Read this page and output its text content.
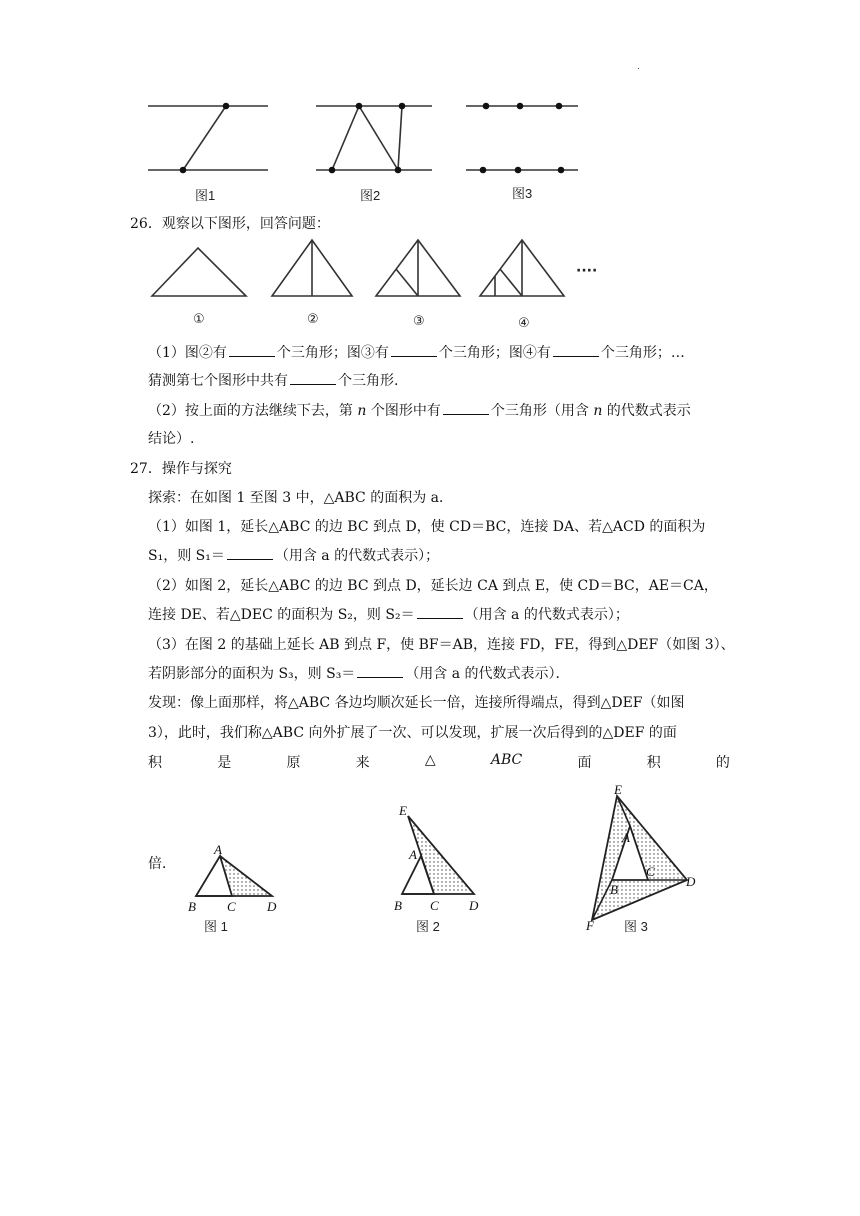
.
图1	图2	图3
26．观察以下图形，回答问题：
①	②	③	④
····
（1）图②有	个三角形；图③有	个三角形；图④有	个三角形；…
猜测第七个图形中共有	个三角形.
（2）按上面的方法继续下去，第 n 个图形中有	个三角形（用含 n 的代数式表示
结论）.
27．操作与探究
探索：在如图 1 至图 3 中，△ABC 的面积为 a．
（1）如图 1，延长△ABC 的边 BC 到点 D，使 CD＝BC，连接 DA、若△ACD 的面积为
S₁，则 S₁＝	（用含 a 的代数式表示）；
（2）如图 2，延长△ABC 的边 BC 到点 D，延长边 CA 到点 E，使 CD＝BC，AE＝CA，
连接 DE、若△DEC 的面积为 S₂，则 S₂＝	（用含 a 的代数式表示）；
（3）在图 2 的基础上延长 AB 到点 F，使 BF＝AB，连接 FD，FE，得到△DEF（如图 3）、
若阴影部分的面积为 S₃，则 S₃＝	（用含 a 的代数式表示）．
发现：像上面那样，将△ABC 各边均顺次延长一倍，连接所得端点，得到△DEF（如图
3），此时，我们称△ABC 向外扩展了一次、可以发现，扩展一次后得到的△DEF 的面
积	是	原	来	△	ABC	面	积	的
倍．
A
B C D
图 1
E
A
B C D
图 2
E
A
C
B
D
F 图 3
